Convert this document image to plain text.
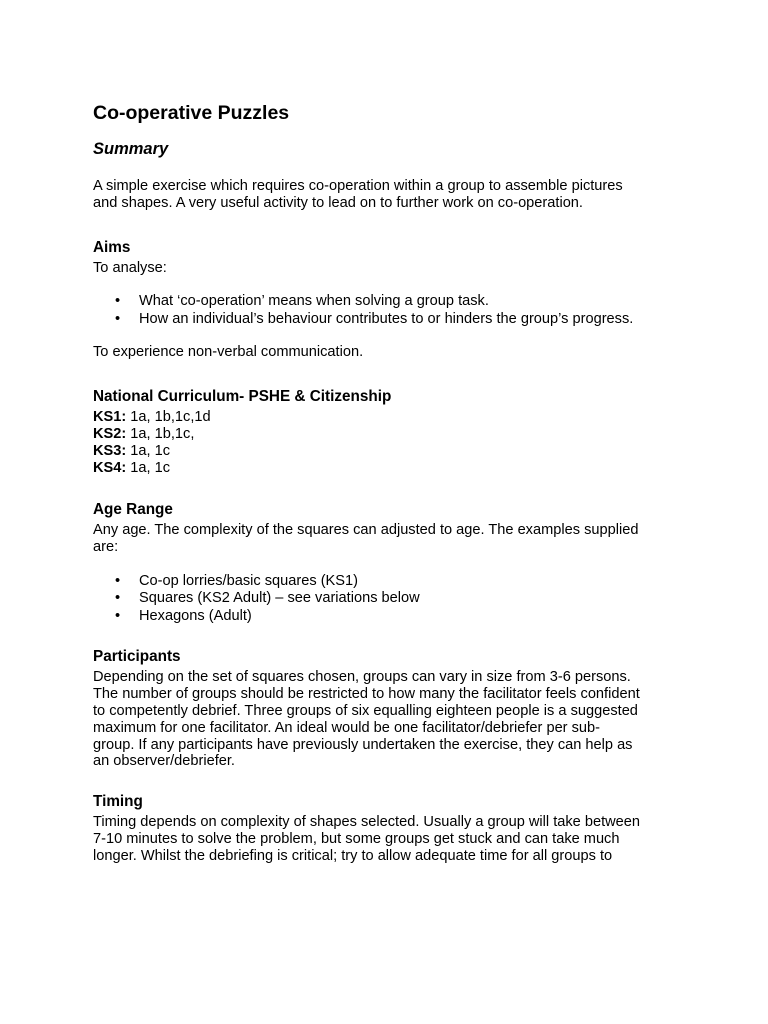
Co-operative Puzzles
Summary

A simple exercise which requires co-operation within a group to assemble pictures
and shapes. A very useful activity to lead on to further work on co-operation.

Aims

To analyse:

• What ‘co-operation’ means when solving a group task.
• How an individual’s behaviour contributes to or hinders the group’s progress.

To experience non-verbal communication.

National Curriculum- PSHE & Citizenship
KS1: 1a, 1b,1c,1d
KS2: 1a, 1b,1c,
KS3: 1a, 1c
KS4: 1a, 1c
Age Range

Any age. The complexity of the squares can adjusted to age. The examples supplied
are:

• Co-op lorries/basic squares (KS1)
• Squares (KS2 Adult) – see variations below
• Hexagons (Adult)
Participants

Depending on the set of squares chosen, groups can vary in size from 3-6 persons.
The number of groups should be restricted to how many the facilitator feels confident
to competently debrief. Three groups of six equalling eighteen people is a suggested
maximum for one facilitator. An ideal would be one facilitator/debriefer per sub-
group. If any participants have previously undertaken the exercise, they can help as
an observer/debriefer.

Timing

Timing depends on complexity of shapes selected. Usually a group will take between
7-10 minutes to solve the problem, but some groups get stuck and can take much
longer. Whilst the debriefing is critical; try to allow adequate time for all groups to
